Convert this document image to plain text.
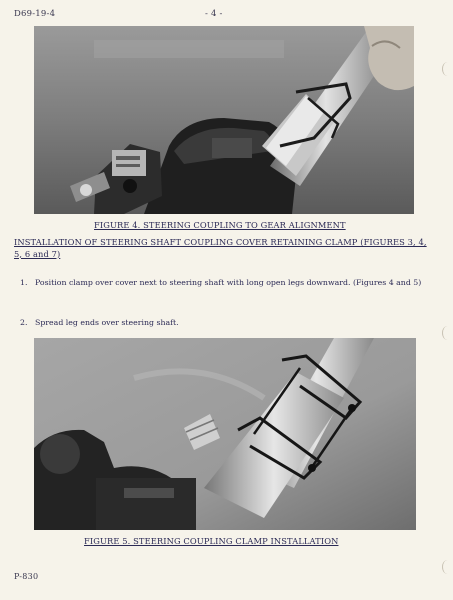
D69-19-4	- 4 -
FIGURE 4. STEERING COUPLING TO GEAR ALIGNMENT
INSTALLATION OF STEERING SHAFT COUPLING COVER RETAINING CLAMP (FIGURES 3, 4, 5, 6 and 7)
1. Position clamp over cover next to steering shaft with long open legs downward. (Figures 4 and 5)
2. Spread leg ends over steering shaft.
FIGURE 5. STEERING COUPLING CLAMP INSTALLATION
P-830
